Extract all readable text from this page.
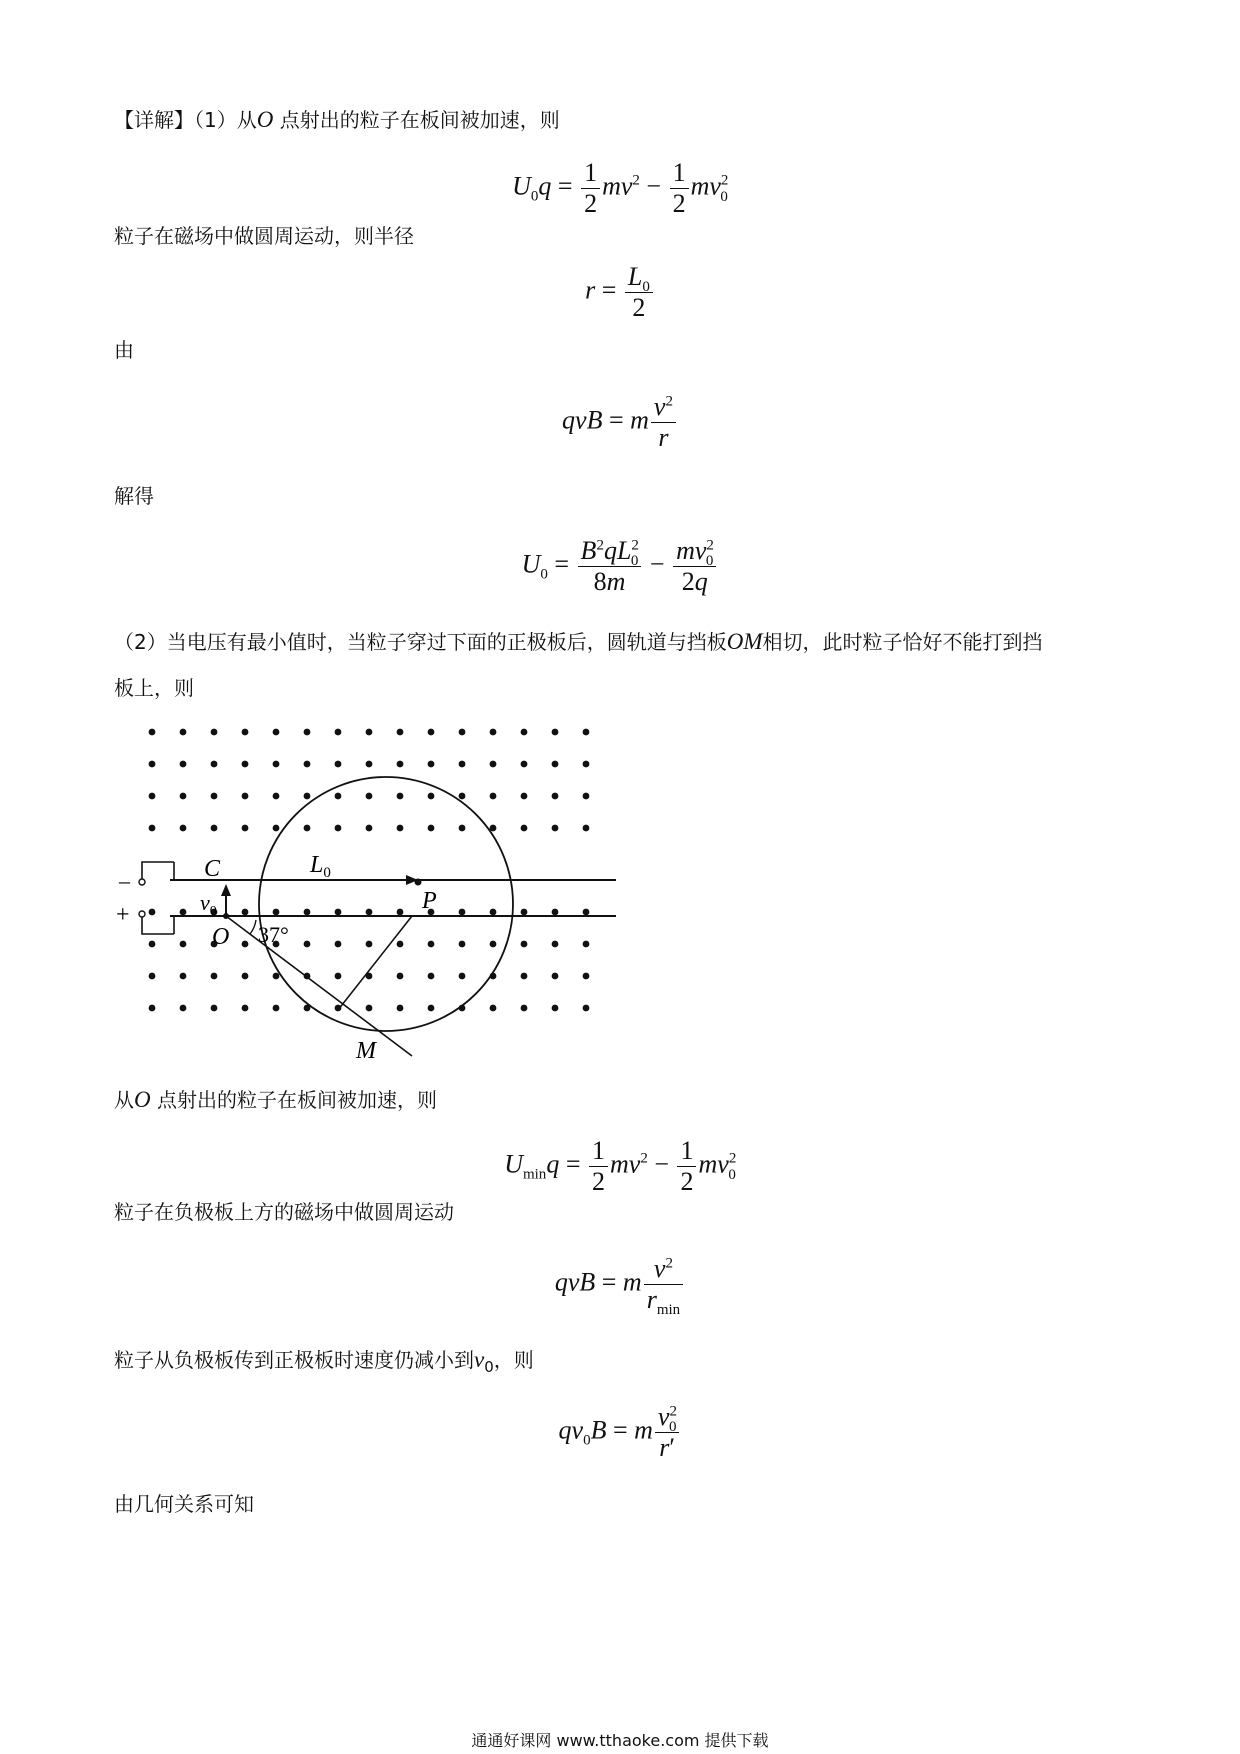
【详解】（1）从O 点射出的粒子在板间被加速，则
$U_0q = \frac{1}{2} mv^2 - \frac{1}{2} mv^2_0$
粒子在磁场中做圆周运动，则半径
$r = \frac{L_0}{2}$
由
qvB = m $\frac{v^2}{r}$
解得
$U_0 = \frac{B^2qL^2_0}{8m} - \frac{mv^2_0}{2q}$
（2）当电压有最小值时，当粒子穿过下面的正极板后，圆轨道与挡板OM相切，此时粒子恰好不能打到挡
板上，则
–
+
C	$L_0$
P
$v_0$
O 37°
M
从O 点射出的粒子在板间被加速，则
$U_{min}q = \frac{1}{2} mv^2 - \frac{1}{2} mv^2_0$
粒子在负极板上方的磁场中做圆周运动
qvB = m $\frac{v^2}{r_{min}}$
粒子从负极板传到正极板时速度仍减小到$v_0$，则
$qv_0B = m \frac{v^2_0}{r'}$
由几何关系可知
通通好课网 www.tthaoke.com 提供下载
